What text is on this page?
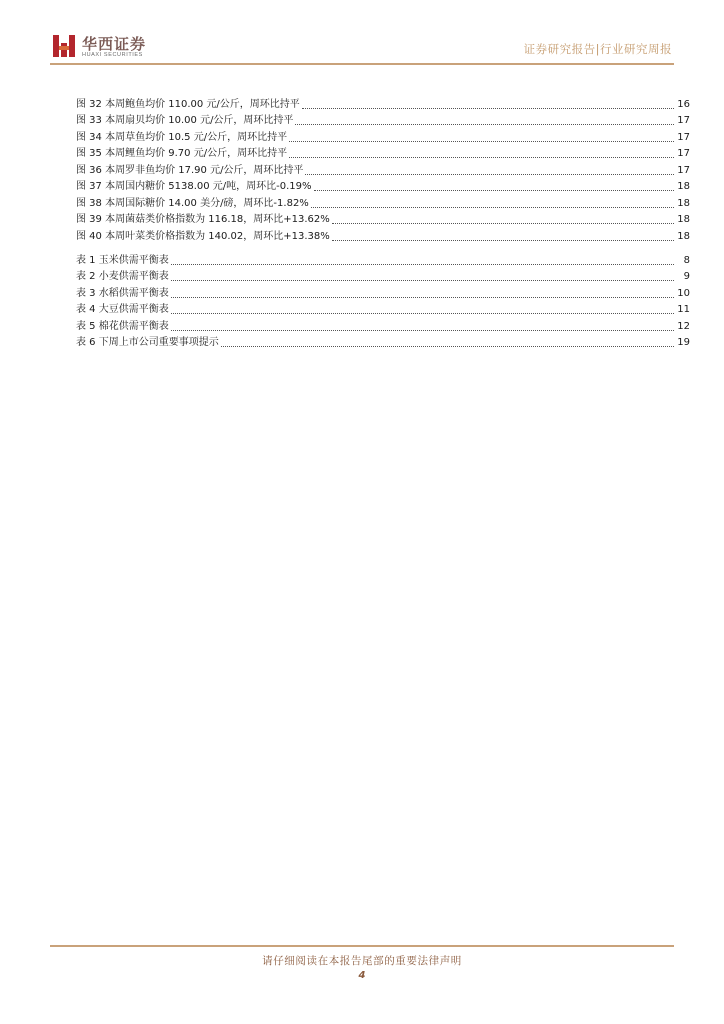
华西证券
HUAXI SECURITIES	证券研究报告|行业研究周报
图 32 本周鲍鱼均价 110.00 元/公斤，周环比持平	16
图 33 本周扇贝均价 10.00 元/公斤，周环比持平	17
图 34 本周草鱼均价 10.5 元/公斤，周环比持平	17
图 35 本周鲤鱼均价 9.70 元/公斤，周环比持平	17
图 36 本周罗非鱼均价 17.90 元/公斤，周环比持平	17
图 37 本周国内糖价 5138.00 元/吨，周环比-0.19%	18
图 38 本周国际糖价 14.00 美分/磅，周环比-1.82%	18
图 39 本周菌菇类价格指数为 116.18，周环比+13.62%	18
图 40 本周叶菜类价格指数为 140.02，周环比+13.38%	18
表 1 玉米供需平衡表	8
表 2 小麦供需平衡表	9
表 3 水稻供需平衡表	10
表 4 大豆供需平衡表	11
表 5 棉花供需平衡表	12
表 6 下周上市公司重要事项提示	19
请仔细阅读在本报告尾部的重要法律声明
4
